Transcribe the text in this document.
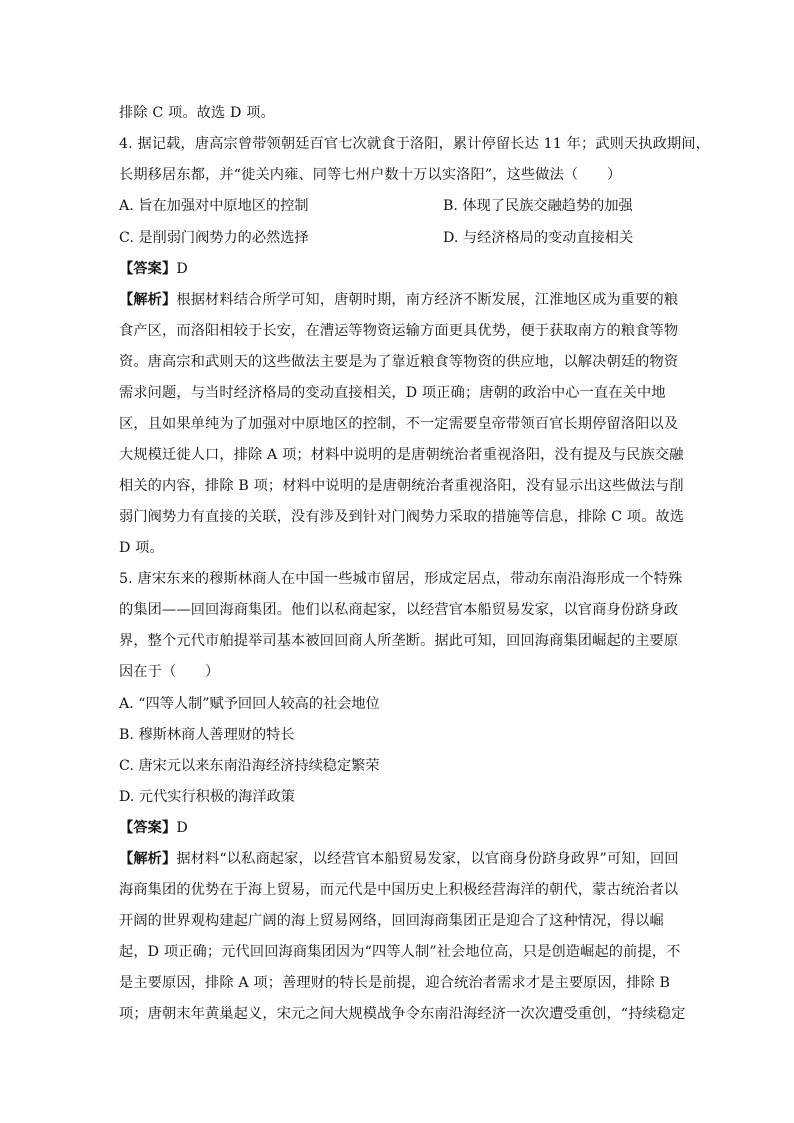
排除 C 项。故选 D 项。
4. 据记载，唐高宗曾带领朝廷百官七次就食于洛阳，累计停留长达 11 年；武则天执政期间，
长期移居东都，并“徙关内雍、同等七州户数十万以实洛阳”，这些做法（　　）
A. 旨在加强对中原地区的控制	B. 体现了民族交融趋势的加强
C. 是削弱门阀势力的必然选择	D. 与经济格局的变动直接相关
【答案】D
【解析】根据材料结合所学可知，唐朝时期，南方经济不断发展，江淮地区成为重要的粮
食产区，而洛阳相较于长安，在漕运等物资运输方面更具优势，便于获取南方的粮食等物
资。唐高宗和武则天的这些做法主要是为了靠近粮食等物资的供应地，以解决朝廷的物资
需求问题，与当时经济格局的变动直接相关，D 项正确；唐朝的政治中心一直在关中地
区，且如果单纯为了加强对中原地区的控制，不一定需要皇帝带领百官长期停留洛阳以及
大规模迁徙人口，排除 A 项；材料中说明的是唐朝统治者重视洛阳，没有提及与民族交融
相关的内容，排除 B 项；材料中说明的是唐朝统治者重视洛阳，没有显示出这些做法与削
弱门阀势力有直接的关联，没有涉及到针对门阀势力采取的措施等信息，排除 C 项。故选
D 项。
5. 唐宋东来的穆斯林商人在中国一些城市留居，形成定居点，带动东南沿海形成一个特殊
的集团——回回海商集团。他们以私商起家，以经营官本船贸易发家，以官商身份跻身政
界，整个元代市舶提举司基本被回回商人所垄断。据此可知，回回海商集团崛起的主要原
因在于（　　）
A. “四等人制”赋予回回人较高的社会地位
B. 穆斯林商人善理财的特长
C. 唐宋元以来东南沿海经济持续稳定繁荣
D. 元代实行积极的海洋政策
【答案】D
【解析】据材料“以私商起家，以经营官本船贸易发家，以官商身份跻身政界”可知，回回
海商集团的优势在于海上贸易，而元代是中国历史上积极经营海洋的朝代，蒙古统治者以
开阔的世界观构建起广阔的海上贸易网络，回回海商集团正是迎合了这种情况，得以崛
起，D 项正确；元代回回海商集团因为“四等人制”社会地位高，只是创造崛起的前提，不
是主要原因，排除 A 项；善理财的特长是前提，迎合统治者需求才是主要原因，排除 B
项；唐朝末年黄巢起义，宋元之间大规模战争令东南沿海经济一次次遭受重创，“持续稳定
